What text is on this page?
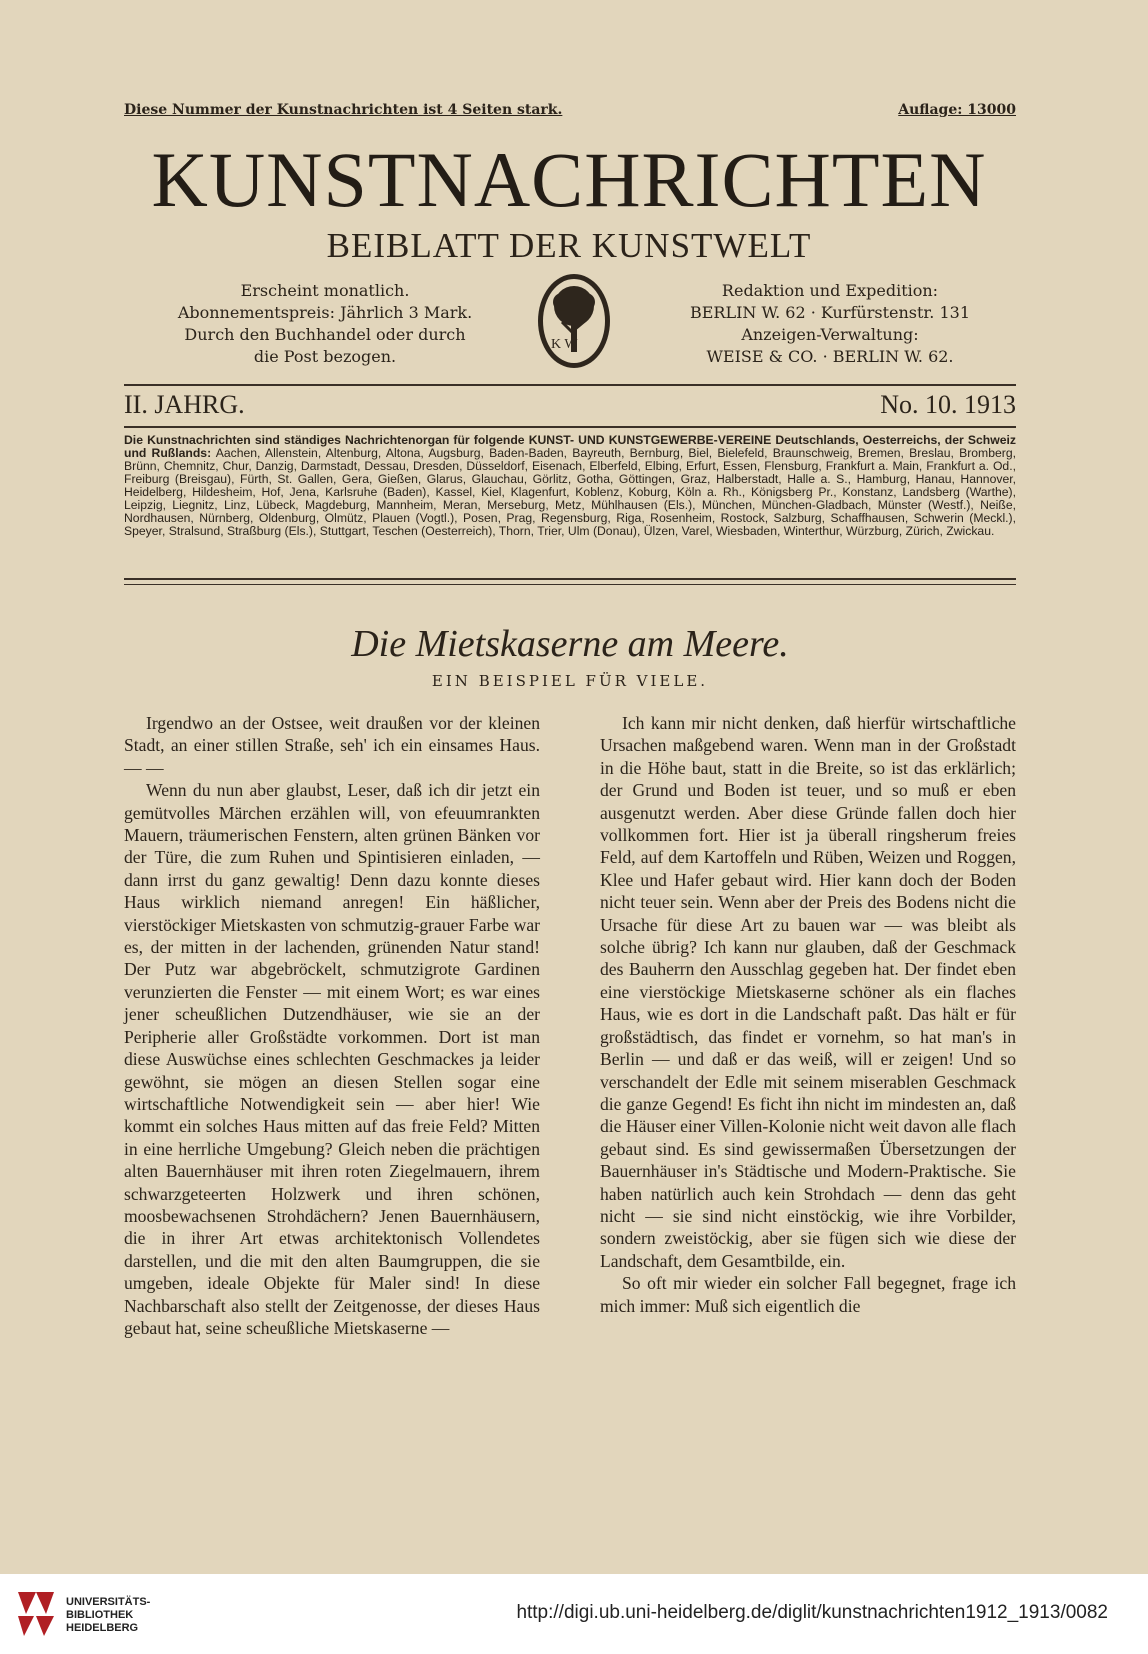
Diese Nummer der Kunstnachrichten ist 4 Seiten stark.	Auflage: 13000
KUNSTNACHRICHTEN
BEIBLATT DER KUNSTWELT
Erscheint monatlich.
Abonnementspreis: Jährlich 3 Mark.
Durch den Buchhandel oder durch
die Post bezogen.
K W
Redaktion und Expedition:
BERLIN W. 62 · Kurfürstenstr. 131
Anzeigen-Verwaltung:
WEISE & CO. · BERLIN W. 62.
II. JAHRG.	No. 10. 1913
Die Kunstnachrichten sind ständiges Nachrichtenorgan für folgende KUNST- UND KUNSTGEWERBE-VEREINE Deutschlands, Oesterreichs, der Schweiz und Rußlands: Aachen, Allenstein, Altenburg, Altona, Augsburg, Baden-Baden, Bayreuth, Bernburg, Biel, Bielefeld, Braunschweig, Bremen, Breslau, Bromberg, Brünn, Chemnitz, Chur, Danzig, Darmstadt, Dessau, Dresden, Düsseldorf, Eisenach, Elberfeld, Elbing, Erfurt, Essen, Flensburg, Frankfurt a. Main, Frankfurt a. Od., Freiburg (Breisgau), Fürth, St. Gallen, Gera, Gießen, Glarus, Glauchau, Görlitz, Gotha, Göttingen, Graz, Halberstadt, Halle a. S., Hamburg, Hanau, Hannover, Heidelberg, Hildesheim, Hof, Jena, Karlsruhe (Baden), Kassel, Kiel, Klagenfurt, Koblenz, Koburg, Köln a. Rh., Königsberg Pr., Konstanz, Landsberg (Warthe), Leipzig, Liegnitz, Linz, Lübeck, Magdeburg, Mannheim, Meran, Merseburg, Metz, Mühlhausen (Els.), München, München-Gladbach, Münster (Westf.), Neiße, Nordhausen, Nürnberg, Oldenburg, Olmütz, Plauen (Vogtl.), Posen, Prag, Regensburg, Riga, Rosenheim, Rostock, Salzburg, Schaffhausen, Schwerin (Meckl.), Speyer, Stralsund, Straßburg (Els.), Stuttgart, Teschen (Oesterreich), Thorn, Trier, Ulm (Donau), Ülzen, Varel, Wiesbaden, Winterthur, Würzburg, Zürich, Zwickau.
Die Mietskaserne am Meere.
EIN BEISPIEL FÜR VIELE.

Irgendwo an der Ostsee, weit draußen vor der kleinen Stadt, an einer stillen Straße, seh' ich ein einsames Haus. — —

Wenn du nun aber glaubst, Leser, daß ich dir jetzt ein gemütvolles Märchen erzählen will, von efeuumrankten Mauern, träumerischen Fenstern, alten grünen Bänken vor der Türe, die zum Ruhen und Spintisieren einladen, — dann irrst du ganz gewaltig! Denn dazu konnte dieses Haus wirklich niemand anregen! Ein häßlicher, vierstöckiger Mietskasten von schmutzig-grauer Farbe war es, der mitten in der lachenden, grünenden Natur stand! Der Putz war abgebröckelt, schmutzigrote Gardinen verunzierten die Fenster — mit einem Wort; es war eines jener scheußlichen Dutzendhäuser, wie sie an der Peripherie aller Großstädte vorkommen. Dort ist man diese Auswüchse eines schlechten Geschmackes ja leider gewöhnt, sie mögen an diesen Stellen sogar eine wirtschaftliche Notwendigkeit sein — aber hier! Wie kommt ein solches Haus mitten auf das freie Feld? Mitten in eine herrliche Umgebung? Gleich neben die prächtigen alten Bauernhäuser mit ihren roten Ziegelmauern, ihrem schwarzgeteerten Holzwerk und ihren schönen, moosbewachsenen Strohdächern? Jenen Bauernhäusern, die in ihrer Art etwas architektonisch Vollendetes darstellen, und die mit den alten Baumgruppen, die sie umgeben, ideale Objekte für Maler sind! In diese Nachbarschaft also stellt der Zeitgenosse, der dieses Haus gebaut hat, seine scheußliche Mietskaserne —

Ich kann mir nicht denken, daß hierfür wirtschaftliche Ursachen maßgebend waren. Wenn man in der Großstadt in die Höhe baut, statt in die Breite, so ist das erklärlich; der Grund und Boden ist teuer, und so muß er eben ausgenutzt werden. Aber diese Gründe fallen doch hier vollkommen fort. Hier ist ja überall ringsherum freies Feld, auf dem Kartoffeln und Rüben, Weizen und Roggen, Klee und Hafer gebaut wird. Hier kann doch der Boden nicht teuer sein. Wenn aber der Preis des Bodens nicht die Ursache für diese Art zu bauen war — was bleibt als solche übrig? Ich kann nur glauben, daß der Geschmack des Bauherrn den Ausschlag gegeben hat. Der findet eben eine vierstöckige Mietskaserne schöner als ein flaches Haus, wie es dort in die Landschaft paßt. Das hält er für großstädtisch, das findet er vornehm, so hat man's in Berlin — und daß er das weiß, will er zeigen! Und so verschandelt der Edle mit seinem miserablen Geschmack die ganze Gegend! Es ficht ihn nicht im mindesten an, daß die Häuser einer Villen-Kolonie nicht weit davon alle flach gebaut sind. Es sind gewissermaßen Übersetzungen der Bauernhäuser in's Städtische und Modern-Praktische. Sie haben natürlich auch kein Strohdach — denn das geht nicht — sie sind nicht einstöckig, wie ihre Vorbilder, sondern zweistöckig, aber sie fügen sich wie diese der Landschaft, dem Gesamtbilde, ein.

So oft mir wieder ein solcher Fall begegnet, frage ich mich immer: Muß sich eigentlich die

UNIVERSITÄTS-
BIBLIOTHEK
HEIDELBERG
http://digi.ub.uni-heidelberg.de/diglit/kunstnachrichten1912_1913/0082
